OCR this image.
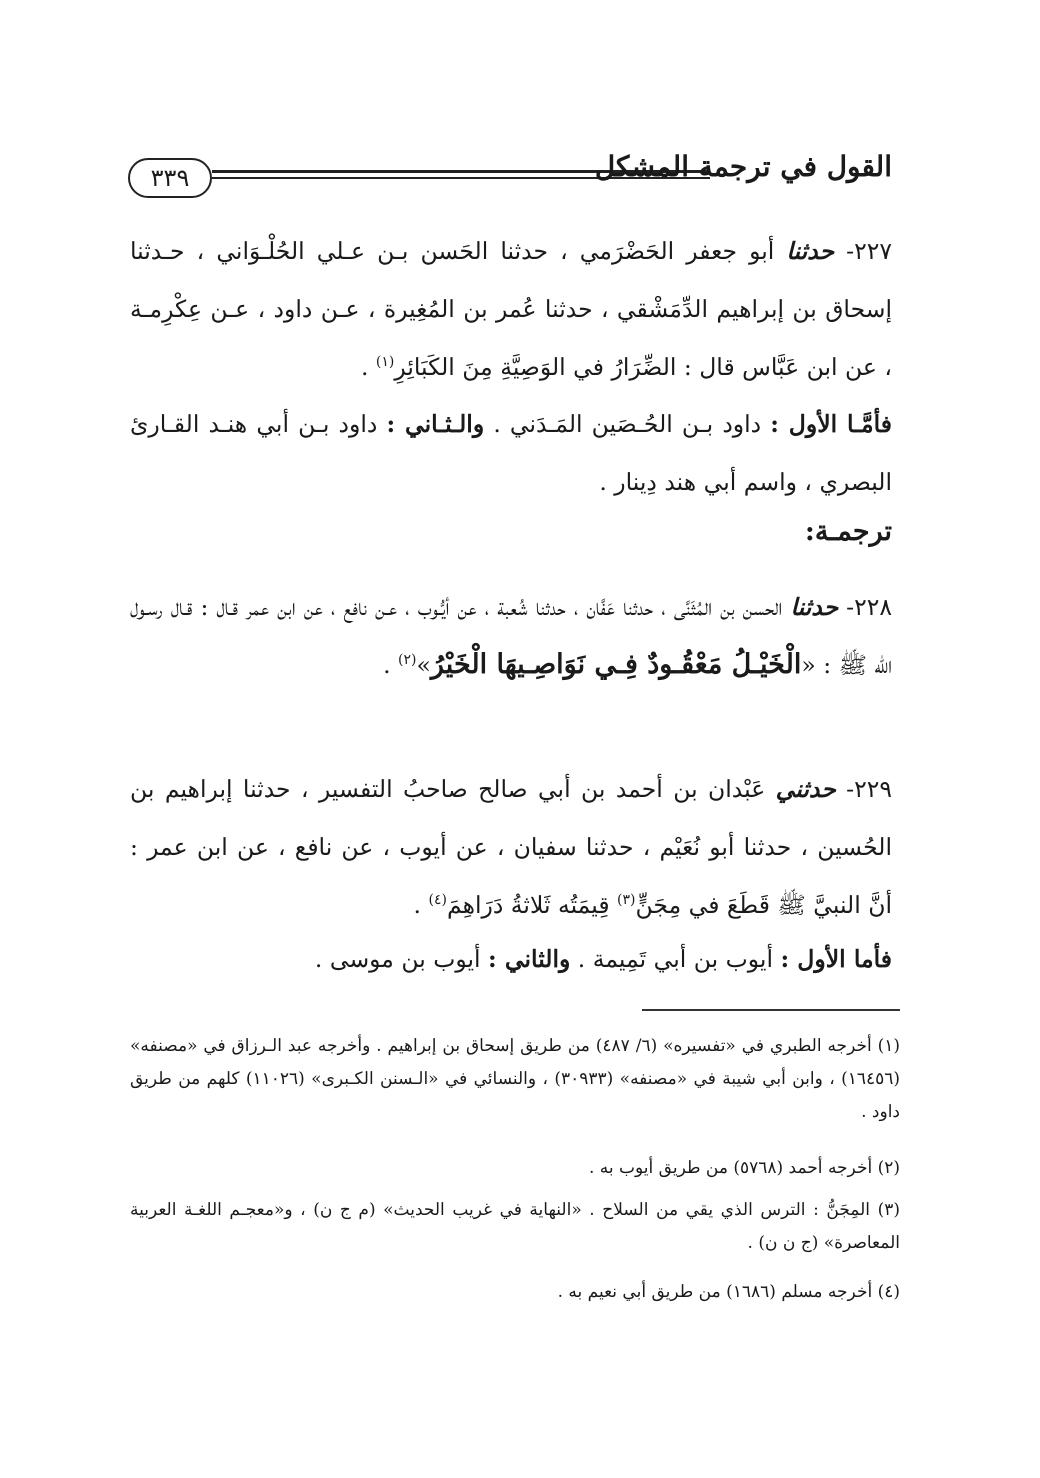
٣٣٩	القول في ترجمة المشكل

٢٢٧- حدثنا أبو جعفر الحَضْرَمي ، حدثنا الحَسن بـن عـلي الحُلْـوَاني ، حـدثنا إسحاق بن إبراهيم الدِّمَشْقي ، حدثنا عُمر بن المُغِيرة ، عـن داود ، عـن عِكْرِمـة ، عن ابن عَبَّاس قال : الضِّرَارُ في الوَصِيَّةِ مِنَ الكَبَائِرِ$^{(١)}$ .

فأمَّـا الأول : داود بـن الحُـصَين المَـدَني . والـثـاني : داود بـن أبي هنـد القـارئ البصري ، واسم أبي هند دِينار .

ترجمـة:

٢٢٨- حدثنا الحسن بن المُثَنَّى ، حدثنا عَفَّان ، حدثنا شُعبة ، عن أيُّـوب ، عـن نافع ، عن ابن عمر قـال : قـال رسـول الله ﷺ : «الْخَيْـلُ مَعْقُـودٌ فِـي نَوَاصِـيهَا الْخَيْرُ»$^{(٢)}$ .

٢٢٩- حدثني عَبْدان بن أحمد بن أبي صالح صاحبُ التفسير ، حدثنا إبراهيم بن الحُسين ، حدثنا أبو نُعَيْم ، حدثنا سفيان ، عن أيوب ، عن نافع ، عن ابن عمر : أنَّ النبيَّ ﷺ قَطَعَ في مِجَنٍّ$^{(٣)}$ قِيمَتُه ثَلاثةُ دَرَاهِمَ$^{(٤)}$ .

فأما الأول : أيوب بن أبي تَمِيمة . والثاني : أيوب بن موسى .

(١) أخرجه الطبري في «تفسيره» (٦/ ٤٨٧) من طريق إسحاق بن إبراهيم . وأخرجه عبد الـرزاق في «مصنفه» (١٦٤٥٦) ، وابن أبي شيبة في «مصنفه» (٣٠٩٣٣) ، والنسائي في «الـسنن الكـبرى» (١١٠٢٦) كلهم من طريق داود .

(٢) أخرجه أحمد (٥٧٦٨) من طريق أيوب به .

(٣) المِجَنُّ : الترس الذي يقي من السلاح . «النهاية في غريب الحديث» (م ج ن) ، و«معجـم اللغـة العربية المعاصرة» (ج ن ن) .

(٤) أخرجه مسلم (١٦٨٦) من طريق أبي نعيم به .
